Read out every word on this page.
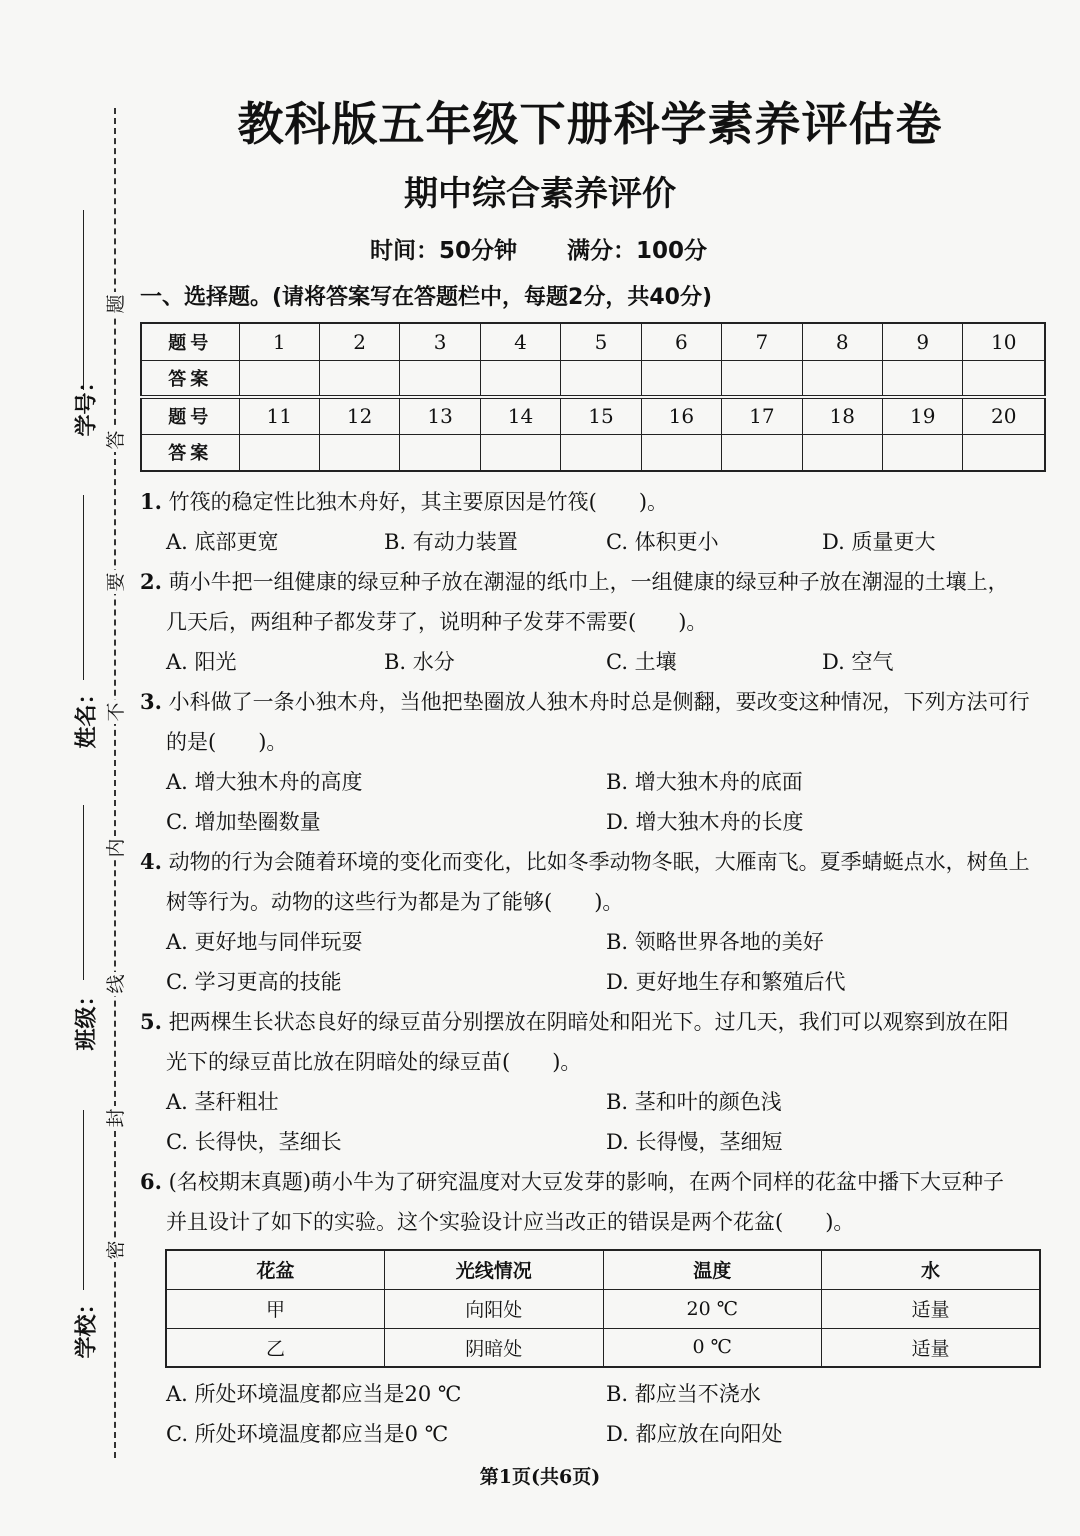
题
答
要
不
内
线
封
密
学号：
姓名：
班级：
学校：
教科版五年级下册科学素养评估卷
期中综合素养评价
时间：50分钟 满分：100分
一、选择题。(请将答案写在答题栏中，每题2分，共40分)
题号	1	2	3	4	5	6	7	8	9	10
答案										
题号	11	12	13	14	15	16	17	18	19	20
答案										
1. 竹筏的稳定性比独木舟好，其主要原因是竹筏(　　)。
A. 底部更宽	B. 有动力装置	C. 体积更小	D. 质量更大
2. 萌小牛把一组健康的绿豆种子放在潮湿的纸巾上，一组健康的绿豆种子放在潮湿的土壤上，
几天后，两组种子都发芽了，说明种子发芽不需要(　　)。
A. 阳光	B. 水分	C. 土壤	D. 空气
3. 小科做了一条小独木舟，当他把垫圈放人独木舟时总是侧翻，要改变这种情况，下列方法可行
的是(　　)。
A. 增大独木舟的高度	B. 增大独木舟的底面
C. 增加垫圈数量	D. 增大独木舟的长度
4. 动物的行为会随着环境的变化而变化，比如冬季动物冬眠，大雁南飞。夏季蜻蜓点水，树鱼上
树等行为。动物的这些行为都是为了能够(　　)。
A. 更好地与同伴玩耍	B. 领略世界各地的美好
C. 学习更高的技能	D. 更好地生存和繁殖后代
5. 把两棵生长状态良好的绿豆苗分别摆放在阴暗处和阳光下。过几天，我们可以观察到放在阳
光下的绿豆苗比放在阴暗处的绿豆苗(　　)。
A. 茎秆粗壮	B. 茎和叶的颜色浅
C. 长得快，茎细长	D. 长得慢，茎细短
6. (名校期末真题)萌小牛为了研究温度对大豆发芽的影响，在两个同样的花盆中播下大豆种子
并且设计了如下的实验。这个实验设计应当改正的错误是两个花盆(　　)。
花盆	光线情况	温度	水
甲	向阳处	20 ℃	适量
乙	阴暗处	0 ℃	适量
A. 所处环境温度都应当是20 ℃	B. 都应当不浇水
C. 所处环境温度都应当是0 ℃	D. 都应放在向阳处
第1页(共6页)
